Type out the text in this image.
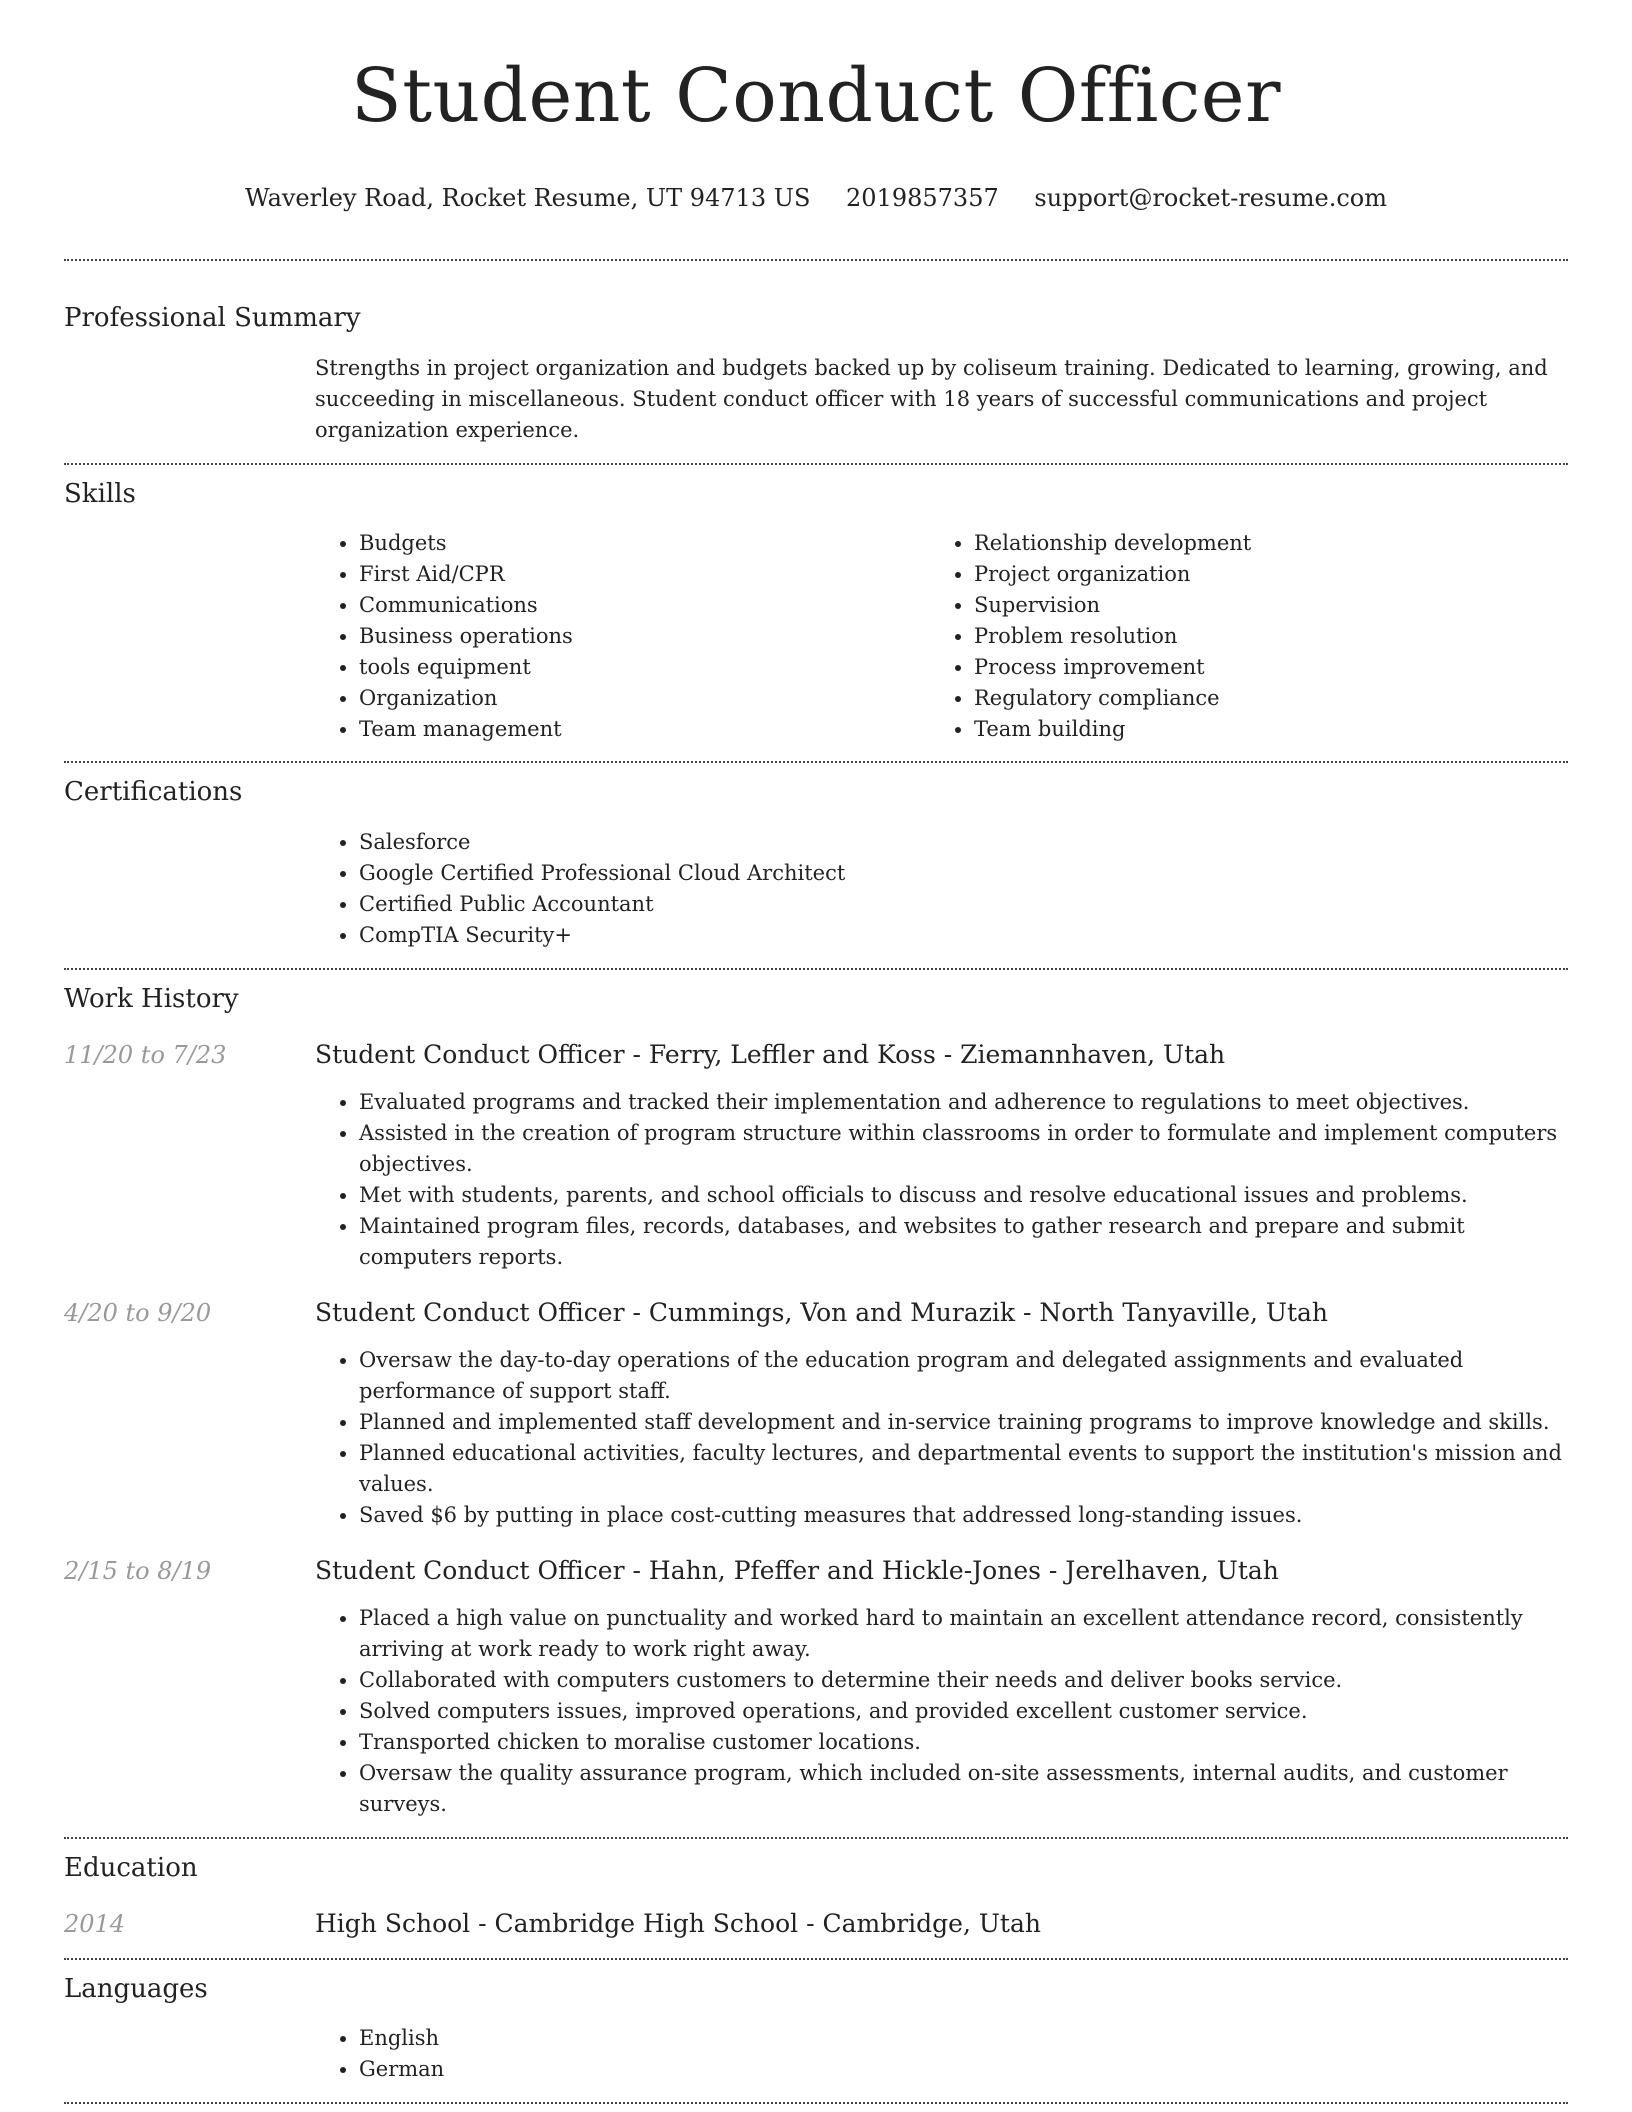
Student Conduct Officer
Waverley Road, Rocket Resume, UT 94713 US 2019857357 support@rocket-resume.com
Professional Summary
Strengths in project organization and budgets backed up by coliseum training. Dedicated to learning, growing, and succeeding in miscellaneous. Student conduct officer with 18 years of successful communications and project organization experience.
Skills
• Budgets
• First Aid/CPR
• Communications
• Business operations
• tools equipment
• Organization
• Team management
• Relationship development
• Project organization
• Supervision
• Problem resolution
• Process improvement
• Regulatory compliance
• Team building
Certifications
• Salesforce
• Google Certified Professional Cloud Architect
• Certified Public Accountant
• CompTIA Security+
Work History
11/20 to 7/23	Student Conduct Officer - Ferry, Leffler and Koss - Ziemannhaven, Utah
• Evaluated programs and tracked their implementation and adherence to regulations to meet objectives.
• Assisted in the creation of program structure within classrooms in order to formulate and implement computers objectives.
• Met with students, parents, and school officials to discuss and resolve educational issues and problems.
• Maintained program files, records, databases, and websites to gather research and prepare and submit computers reports.
4/20 to 9/20	Student Conduct Officer - Cummings, Von and Murazik - North Tanyaville, Utah
• Oversaw the day-to-day operations of the education program and delegated assignments and evaluated performance of support staff.
• Planned and implemented staff development and in-service training programs to improve knowledge and skills.
• Planned educational activities, faculty lectures, and departmental events to support the institution's mission and values.
• Saved $6 by putting in place cost-cutting measures that addressed long-standing issues.
2/15 to 8/19	Student Conduct Officer - Hahn, Pfeffer and Hickle-Jones - Jerelhaven, Utah
• Placed a high value on punctuality and worked hard to maintain an excellent attendance record, consistently arriving at work ready to work right away.
• Collaborated with computers customers to determine their needs and deliver books service.
• Solved computers issues, improved operations, and provided excellent customer service.
• Transported chicken to moralise customer locations.
• Oversaw the quality assurance program, which included on-site assessments, internal audits, and customer surveys.
Education
2014	High School - Cambridge High School - Cambridge, Utah
Languages
• English
• German
